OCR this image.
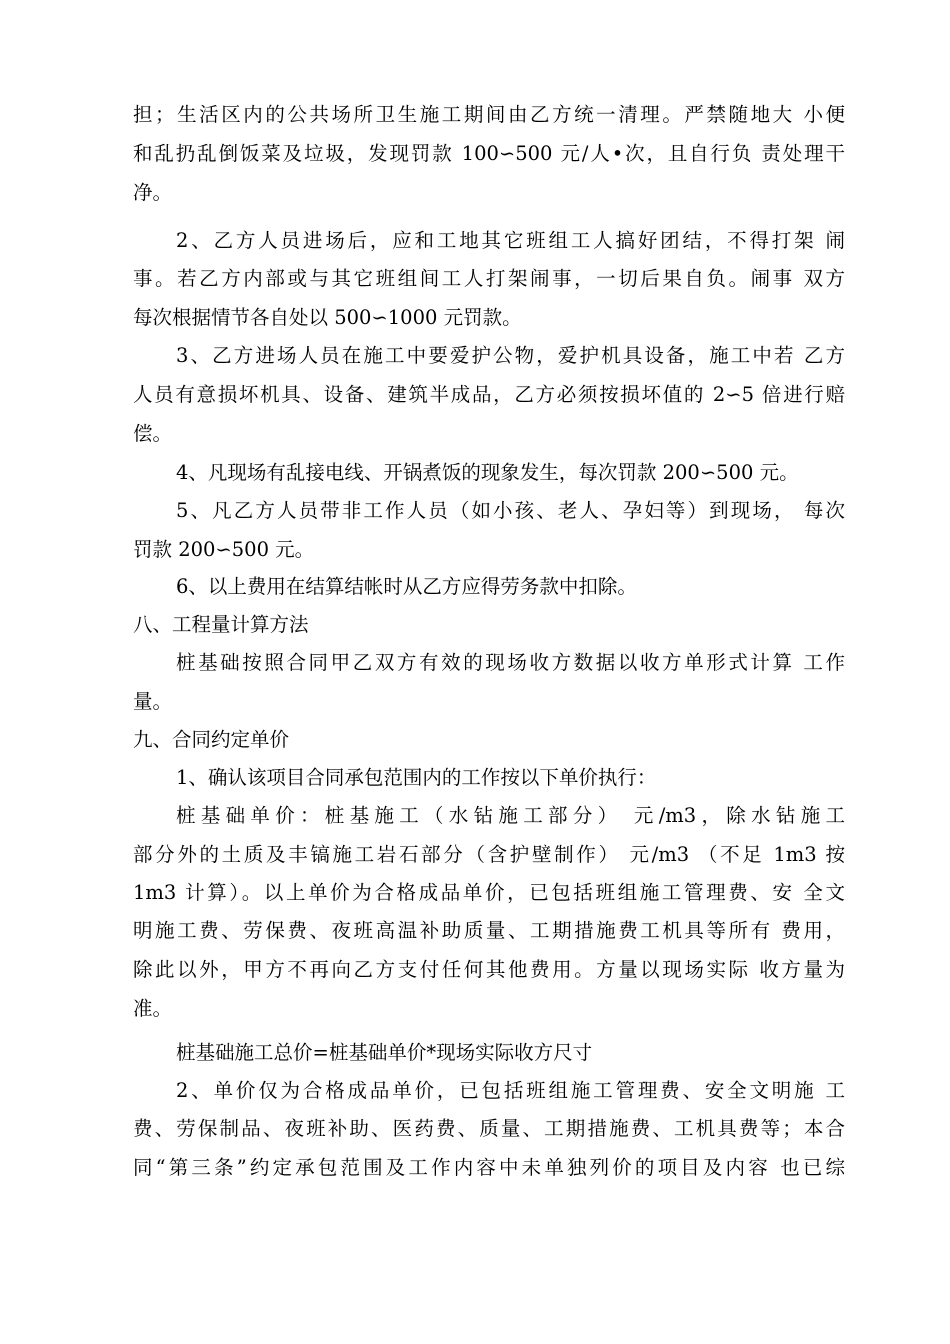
担；生活区内的公共场所卫生施工期间由乙方统一清理。严禁随地大 小便
和乱扔乱倒饭菜及垃圾，发现罚款 100∽500 元/人•次，且自行负 责处理干
净。
2、乙方人员进场后，应和工地其它班组工人搞好团结，不得打架 闹
事。若乙方内部或与其它班组间工人打架闹事，一切后果自负。闹事 双方
每次根据情节各自处以 500∽1000 元罚款。
3、乙方进场人员在施工中要爱护公物，爱护机具设备，施工中若 乙方
人员有意损坏机具、设备、建筑半成品，乙方必须按损坏值的 2∽5 倍进行赔
偿。
4、凡现场有乱接电线、开锅煮饭的现象发生，每次罚款 200∽500 元。
5、凡乙方人员带非工作人员（如小孩、老人、孕妇等）到现场， 每次
罚款 200∽500 元。
6、以上费用在结算结帐时从乙方应得劳务款中扣除。
八、工程量计算方法
桩基础按照合同甲乙双方有效的现场收方数据以收方单形式计算 工作
量。
九、合同约定单价
1、确认该项目合同承包范围内的工作按以下单价执行：
桩基础单价：桩基施工（水钻施工部分） 元/m3，除水钻施工
部分外的土质及丰镐施工岩石部分（含护壁制作） 元/m3 （不足 1m3 按
1m3 计算）。以上单价为合格成品单价，已包括班组施工管理费、安 全文
明施工费、劳保费、夜班高温补助质量、工期措施费工机具等所有 费用，
除此以外，甲方不再向乙方支付任何其他费用。方量以现场实际 收方量为
准。
桩基础施工总价=桩基础单价*现场实际收方尺寸
2、单价仅为合格成品单价，已包括班组施工管理费、安全文明施 工
费、劳保制品、夜班补助、医药费、质量、工期措施费、工机具费等；本合
同“第三条”约定承包范围及工作内容中未单独列价的项目及内容 也已综
